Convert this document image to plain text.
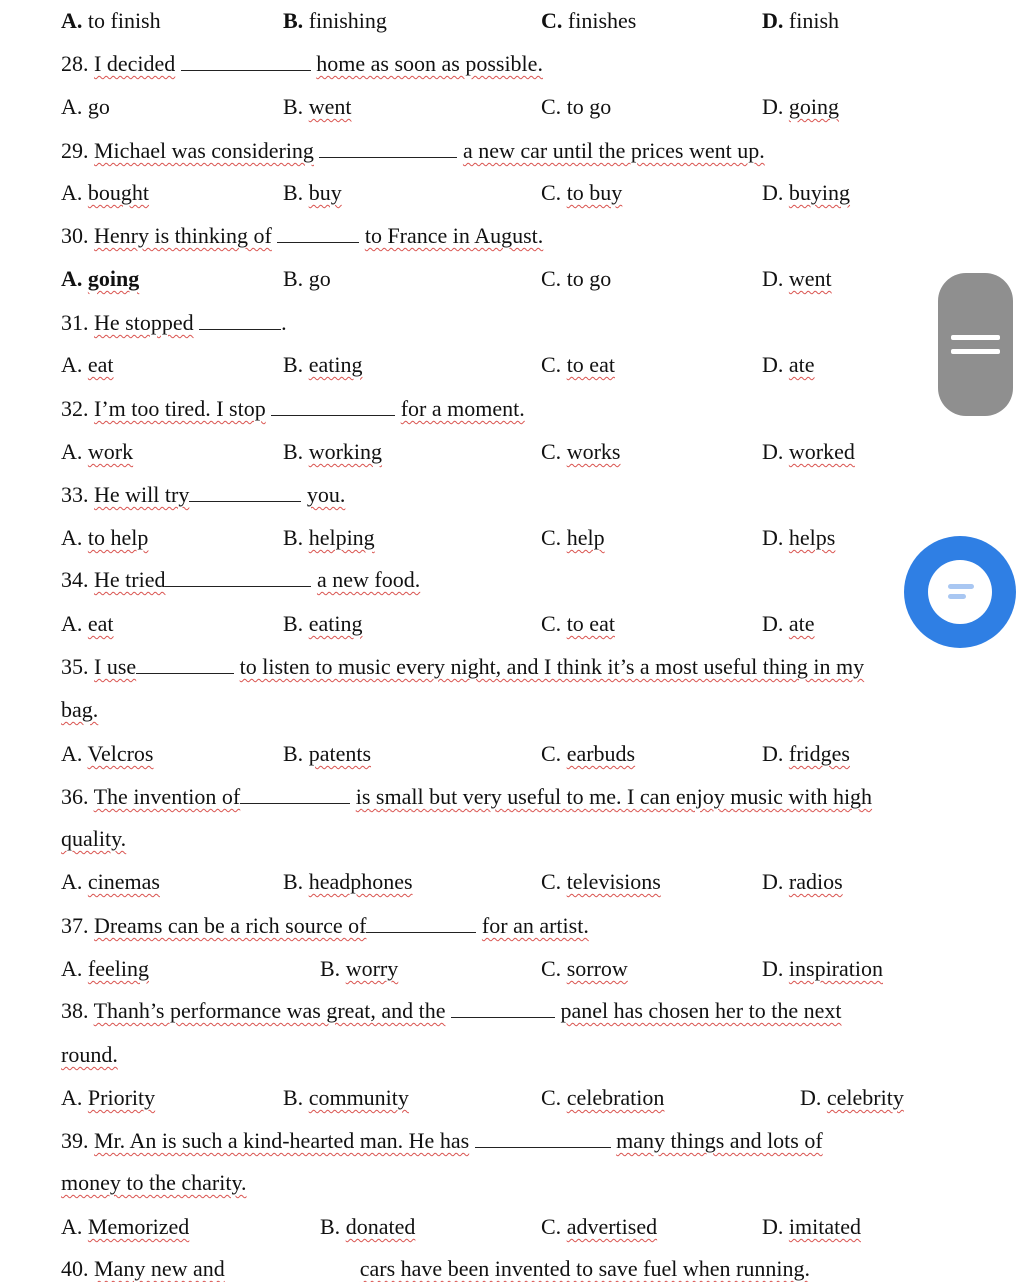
A. to finish	B. finishing	C. finishes	D. finish
28. I decided	home as soon as possible.
A. go	B. went	C. to go	D. going
29. Michael was considering	a new car until the prices went up.
A. bought	B. buy	C. to buy	D. buying
30. Henry is thinking of	to France in August.
A. going	B. go	C. to go	D. went
31. He stopped	.
A. eat	B. eating	C. to eat	D. ate
32. I’m too tired. I stop	for a moment.
A. work	B. working	C. works	D. worked
33. He will try	you.
A. to help	B. helping	C. help	D. helps
34. He tried	a new food.
A. eat	B. eating	C. to eat	D. ate
35. I use	to listen to music every night, and I think it’s a most useful thing in my
bag.
A. Velcros	B. patents	C. earbuds	D. fridges
36. The invention of	is small but very useful to me. I can enjoy music with high
quality.
A. cinemas	B. headphones	C. televisions	D. radios
37. Dreams can be a rich source of	for an artist.
A. feeling	B. worry	C. sorrow	D. inspiration
38. Thanh’s performance was great, and the	panel has chosen her to the next
round.
A. Priority	B. community	C. celebration	D. celebrity
39. Mr. An is such a kind-hearted man. He has	many things and lots of
money to the charity.
A. Memorized	B. donated	C. advertised	D. imitated
40. Many new and	cars have been invented to save fuel when running.
